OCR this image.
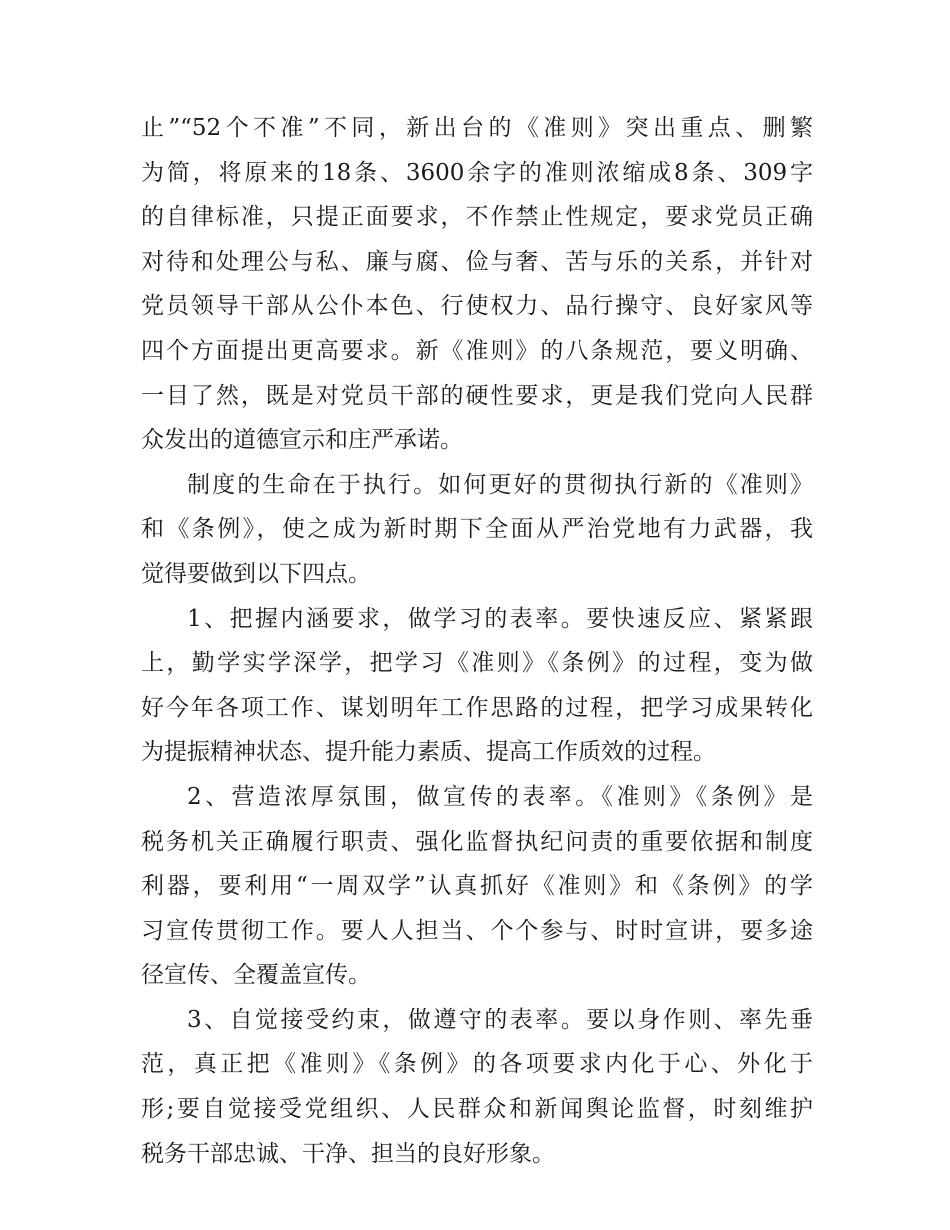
止”“52个不准”不同，新出台的《准则》突出重点、删繁
为简，将原来的18条、3600余字的准则浓缩成8条、309字
的自律标准，只提正面要求，不作禁止性规定，要求党员正确
对待和处理公与私、廉与腐、俭与奢、苦与乐的关系，并针对
党员领导干部从公仆本色、行使权力、品行操守、良好家风等
四个方面提出更高要求。新《准则》的八条规范，要义明确、
一目了然，既是对党员干部的硬性要求，更是我们党向人民群
众发出的道德宣示和庄严承诺。
制度的生命在于执行。如何更好的贯彻执行新的《准则》
和《条例》，使之成为新时期下全面从严治党地有力武器，我
觉得要做到以下四点。
1、把握内涵要求，做学习的表率。要快速反应、紧紧跟
上，勤学实学深学，把学习《准则》《条例》的过程，变为做
好今年各项工作、谋划明年工作思路的过程，把学习成果转化
为提振精神状态、提升能力素质、提高工作质效的过程。
2、营造浓厚氛围，做宣传的表率。《准则》《条例》是
税务机关正确履行职责、强化监督执纪问责的重要依据和制度
利器，要利用“一周双学”认真抓好《准则》和《条例》的学
习宣传贯彻工作。要人人担当、个个参与、时时宣讲，要多途
径宣传、全覆盖宣传。
3、自觉接受约束，做遵守的表率。要以身作则、率先垂
范，真正把《准则》《条例》的各项要求内化于心、外化于
形;要自觉接受党组织、人民群众和新闻舆论监督，时刻维护
税务干部忠诚、干净、担当的良好形象。
